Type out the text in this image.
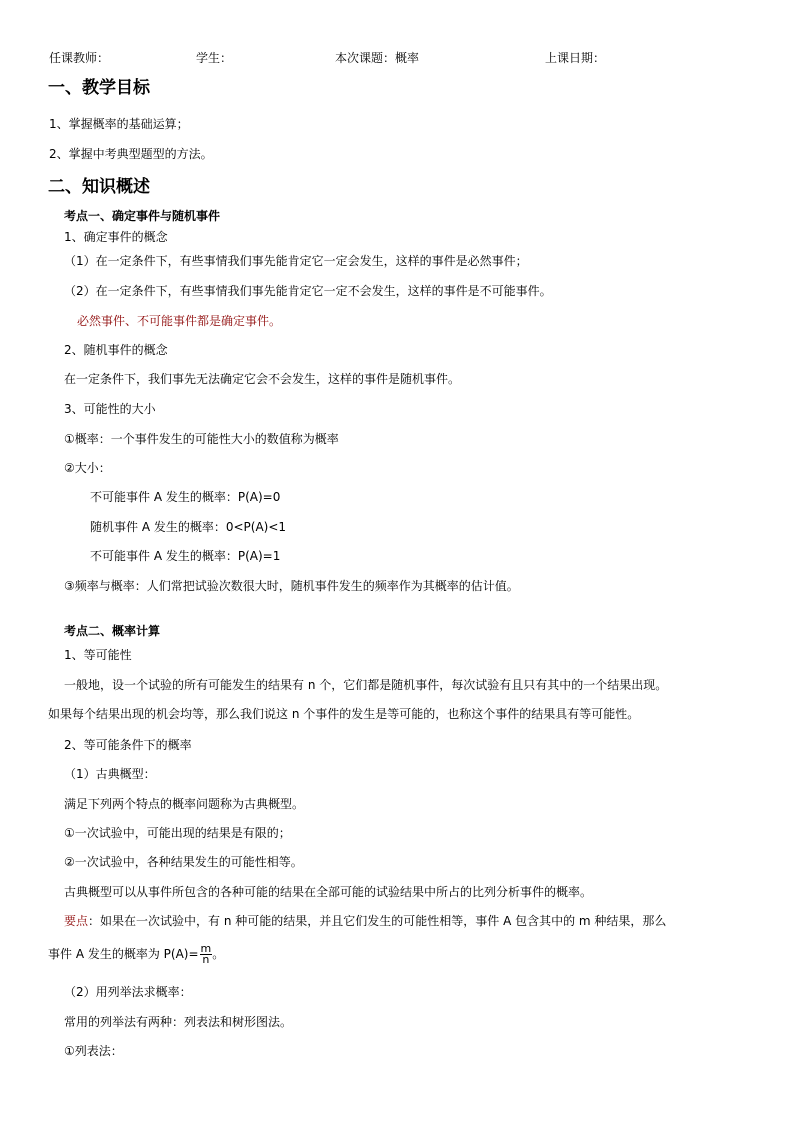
任课教师：	学生：	本次课题：概率	上课日期：
一、教学目标
1、掌握概率的基础运算；
2、掌握中考典型题型的方法。
二、知识概述
考点一、确定事件与随机事件
1、确定事件的概念
（1）在一定条件下，有些事情我们事先能肯定它一定会发生，这样的事件是必然事件；
（2）在一定条件下，有些事情我们事先能肯定它一定不会发生，这样的事件是不可能事件。
必然事件、不可能事件都是确定事件。
2、随机事件的概念
在一定条件下，我们事先无法确定它会不会发生，这样的事件是随机事件。
3、可能性的大小
①概率：一个事件发生的可能性大小的数值称为概率
②大小：
不可能事件 A 发生的概率：P(A)=0
随机事件 A 发生的概率：0<P(A)<1
不可能事件 A 发生的概率：P(A)=1
③频率与概率：人们常把试验次数很大时，随机事件发生的频率作为其概率的估计值。
考点二、概率计算
1、等可能性
一般地，设一个试验的所有可能发生的结果有 n 个，它们都是随机事件，每次试验有且只有其中的一个结果出现。
如果每个结果出现的机会均等，那么我们说这 n 个事件的发生是等可能的，也称这个事件的结果具有等可能性。
2、等可能条件下的概率
（1）古典概型：
满足下列两个特点的概率问题称为古典概型。
①一次试验中，可能出现的结果是有限的；
②一次试验中，各种结果发生的可能性相等。
古典概型可以从事件所包含的各种可能的结果在全部可能的试验结果中所占的比列分析事件的概率。
要点：如果在一次试验中，有 n 种可能的结果，并且它们发生的可能性相等，事件 A 包含其中的 m 种结果，那么
事件 A 发生的概率为 $P(A)= \frac{m}{n}$ 。
（2）用列举法求概率：
常用的列举法有两种：列表法和树形图法。
①列表法：
